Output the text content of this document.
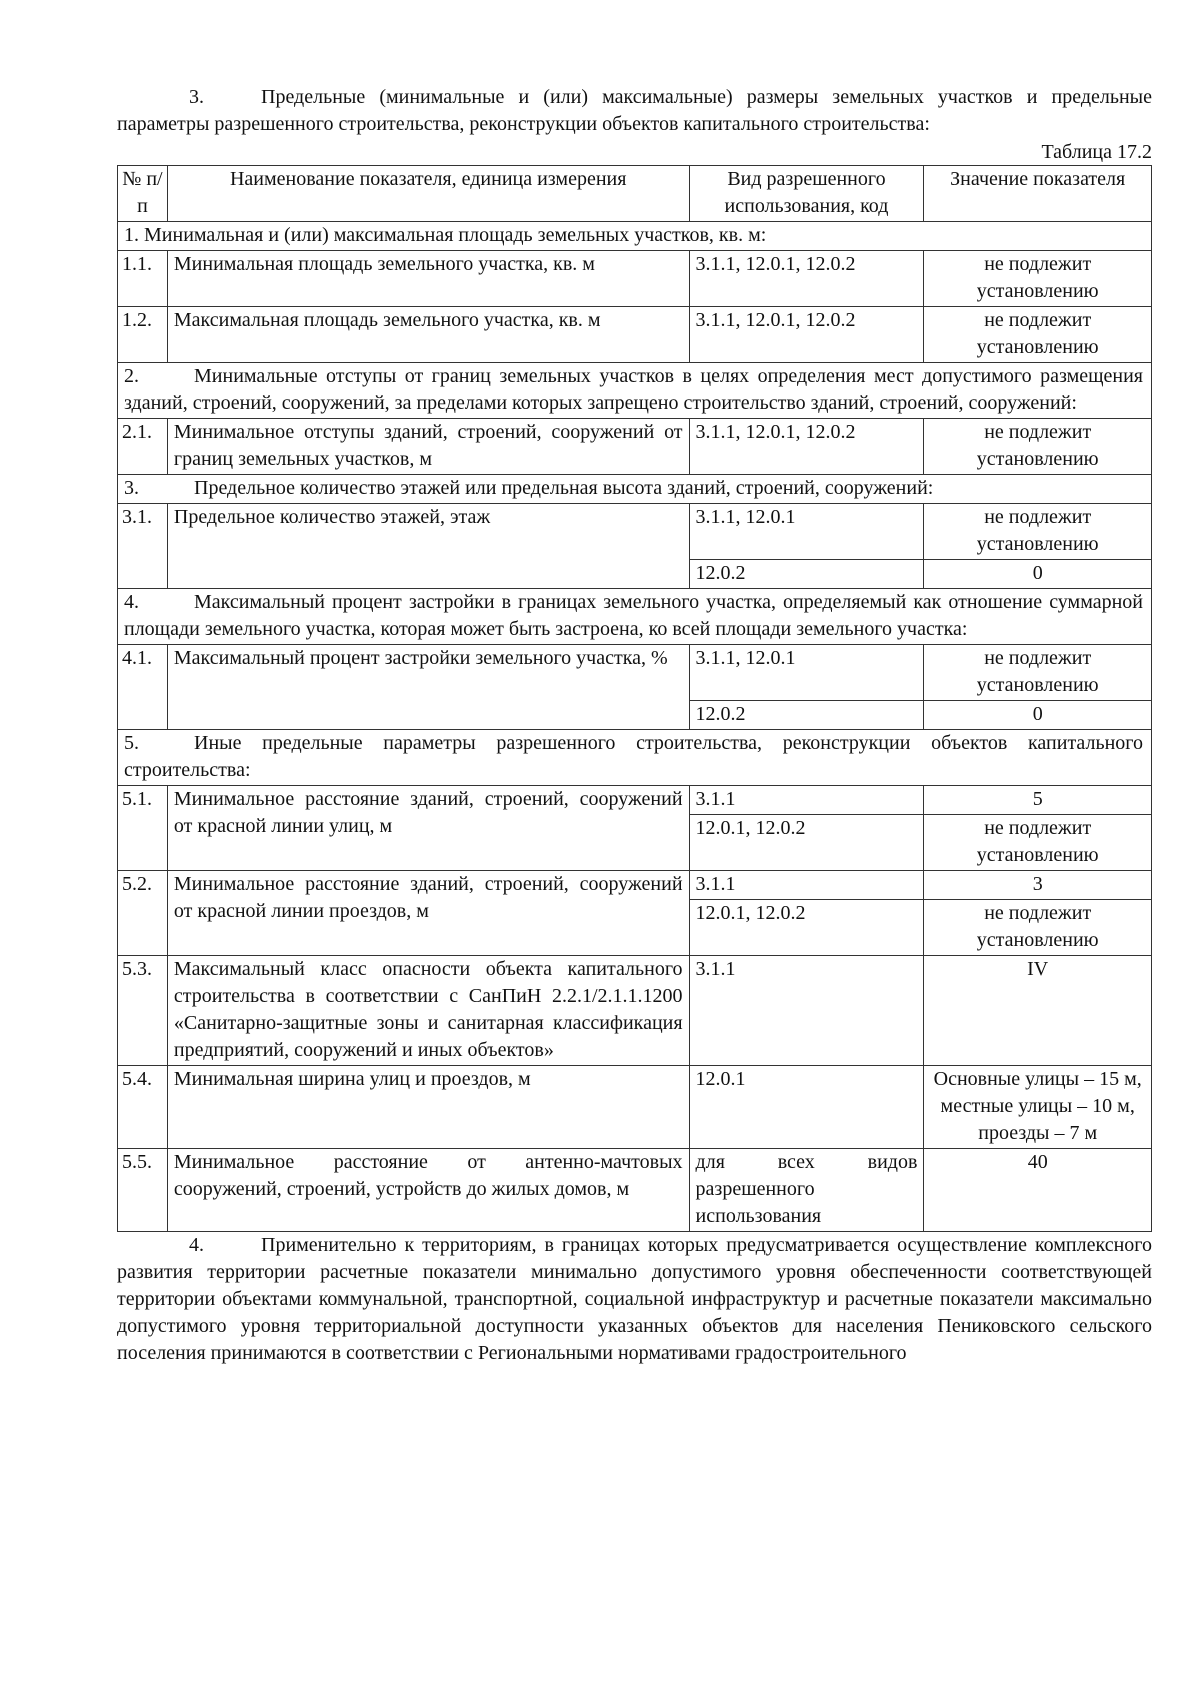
3.	Предельные (минимальные и (или) максимальные) размеры земельных участков и предельные параметры разрешенного строительства, реконструкции объектов капитального строительства:

Таблица 17.2
№ п/п	Наименование показателя, единица измерения	Вид разрешенного использования, код	Значение показателя
1. Минимальная и (или) максимальная площадь земельных участков, кв. м:			
1.1.	Минимальная площадь земельного участка, кв. м	3.1.1, 12.0.1, 12.0.2	не подлежит установлению
1.2.	Максимальная площадь земельного участка, кв. м	3.1.1, 12.0.1, 12.0.2	не подлежит установлению
2. Минимальные отступы от границ земельных участков в целях определения мест допустимого размещения зданий, строений, сооружений, за пределами которых запрещено строительство зданий, строений, сооружений:			
2.1.	Минимальное отступы зданий, строений, сооружений от границ земельных участков, м	3.1.1, 12.0.1, 12.0.2	не подлежит установлению
3. Предельное количество этажей или предельная высота зданий, строений, сооружений:			
3.1.	Предельное количество этажей, этаж	3.1.1, 12.0.1	не подлежит установлению
		12.0.2	0
4. Максимальный процент застройки в границах земельного участка, определяемый как отношение суммарной площади земельного участка, которая может быть застроена, ко всей площади земельного участка:			
4.1.	Максимальный процент застройки земельного участка, %	3.1.1, 12.0.1	не подлежит установлению
		12.0.2	0
5. Иные предельные параметры разрешенного строительства, реконструкции объектов капитального строительства:			
5.1.	Минимальное расстояние зданий, строений, сооружений от красной линии улиц, м	3.1.1	5
		12.0.1, 12.0.2	не подлежит установлению
5.2.	Минимальное расстояние зданий, строений, сооружений от красной линии проездов, м	3.1.1	3
		12.0.1, 12.0.2	не подлежит установлению
5.3.	Максимальный класс опасности объекта капитального строительства в соответствии с СанПиН 2.2.1/2.1.1.1200 «Санитарно-защитные зоны и санитарная классификация предприятий, сооружений и иных объектов»	3.1.1	IV
5.4.	Минимальная ширина улиц и проездов, м	12.0.1	Основные улицы – 15 м, местные улицы – 10 м, проезды – 7 м
5.5.	Минимальное расстояние от антенно-мачтовых сооружений, строений, устройств до жилых домов, м	для всех видов разрешенного использования	40

4.	Применительно к территориям, в границах которых предусматривается осуществление комплексного развития территории расчетные показатели минимально допустимого уровня обеспеченности соответствующей территории объектами коммунальной, транспортной, социальной инфраструктур и расчетные показатели максимально допустимого уровня территориальной доступности указанных объектов для населения Пениковского сельского поселения принимаются в соответствии с Региональными нормативами градостроительного
